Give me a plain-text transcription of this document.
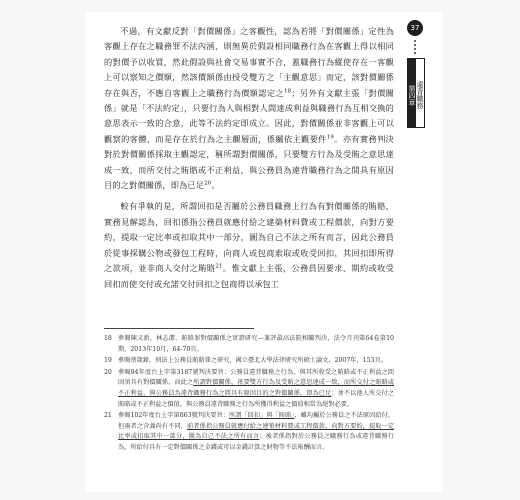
37
第四章 違背職務

不過，有文獻反對「對價關係」之客觀性，認為若將「對價關係」定性為客觀上存在之職務罪不法內涵，則無異於假設相同職務行為在客觀上得以相同的對價予以收買，然此假設與社會交易事實不合，蓋職務行為縱使存在一客觀上可以察知之價額，然該價額係由授受雙方之「主觀意思」而定，該對價關係存在與否，不應自客觀上之職務行為價額認定之$^{18}$；另外有文獻主張「對價關係」就是「不法約定」，只要行為人與相對人間達成利益與職務行為互相交換的意思表示一致的合意，此等不法約定即成立。因此，對價關係並非客觀上可以觀察的客體，而是存在於行為之主觀層面，係屬依主觀要件$^{19}$。亦有實務判決對於對價關係採取主觀認定，稱所謂對價關係，只要雙方行為及受賄之意思達成一致，而所交付之賄賂或不正利益，與公務員為違背職務行為之間具有原因目的之對價關係，即為已足$^{20}$。

較有爭執的是，所謂回扣是否屬於公務員職務上行為有對價關係的賄賂，實務見解認為，回扣係指公務員就應付給之建築材料費或工程價款，向對方要約，提取一定比率或扣取其中一部分，圖為自己不法之所有而言，因此公務員於從事採購公物或發包工程時，向商人或包商索取或收受回扣，其回扣即所得之款項，並非商人交付之賄賂$^{21}$。惟文獻上主張，公務員因要求、期約或收受回扣而使交付或允諾交付回扣之包商得以承包工

18 參閱陳又新，林志潔，賄賂罪對價關係之實證研究—兼評最高法院相關判決，法令月刊第64卷第10期，2013年10月，64-70頁。
19 參閱蔡箴錄，刑法上公務員賄賂罪之研究，國立臺北大學法律研究所碩士論文，2007年，153頁。
20 參閱94年度台上字第3187號判決要旨：公務員違背職務之行為，與其所收受之賄賂或不正利益之間固須具有對價關係，而此之所謂對價關係，祇要雙方行為及受賄之意思達成一致，而所交付之賄賂或不正利益，與公務員為違背職務行為之間具有原因目的之對價關係，即為已足；並不以他人所交付之賄賂或不正利益之價值，與公務員違背職務之行為所獲得利益之價值相當為絕對必要。
21 參閱102年度台上字第863號判決要旨：所謂「回扣」與「賄賂」，雖均屬於公務員之不法原因給付，但兩者之含義尚有不同，前者係指公務員就應付給之建築材料費或工程價款，向對方要約，提取一定比率或扣取其中一部分，圖為自己不法之所有而言；後者係指對於公務員之職務行為或違背職務行為，所給付具有一定對價關係之金錢或可以金錢計算之財物等不法報酬而言。
